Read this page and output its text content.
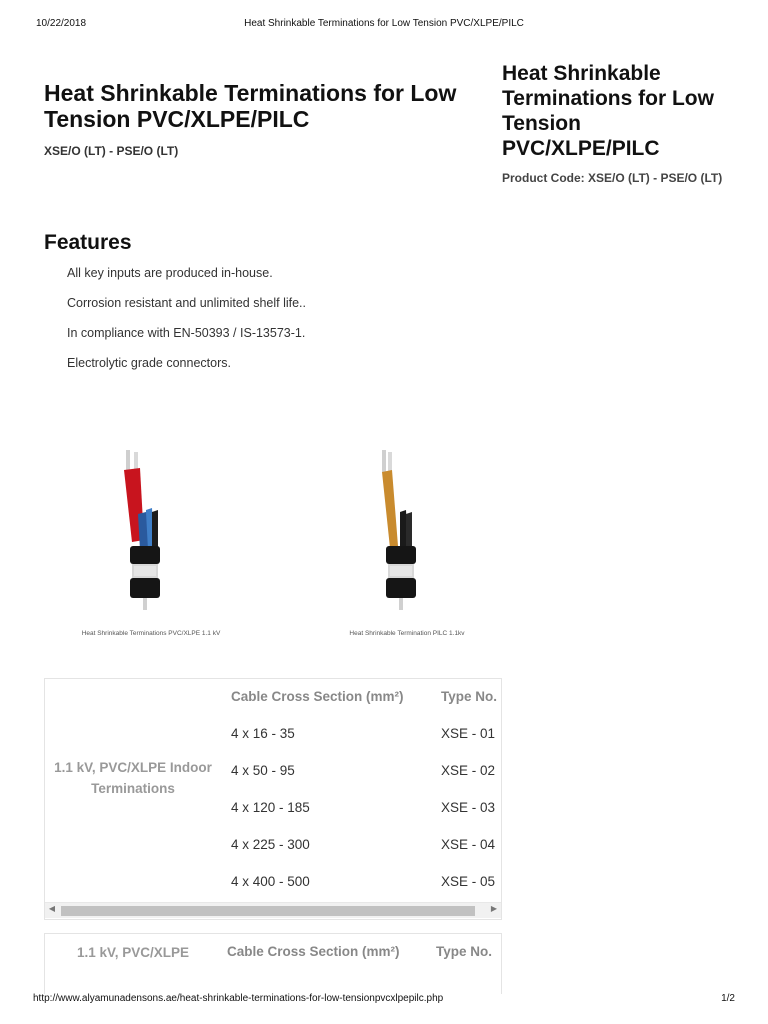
10/22/2018	Heat Shrinkable Terminations for Low Tension PVC/XLPE/PILC
Heat Shrinkable Terminations for Low Tension PVC/XLPE/PILC
XSE/O (LT) - PSE/O (LT)
Heat Shrinkable Terminations for Low Tension PVC/XLPE/PILC
Product Code: XSE/O (LT) - PSE/O (LT)
Features
All key inputs are produced in-house.
Corrosion resistant and unlimited shelf life..
In compliance with EN-50393 / IS-13573-1.
Electrolytic grade connectors.
Heat Shrinkable Terminations PVC/XLPE 1.1 kV	Heat Shrinkable Termination PILC 1.1kv
1.1 kV, PVC/XLPE Indoor Terminations
Cable Cross Section (mm²)	Type No.
4 x 16 - 35	XSE - 01
4 x 50 - 95	XSE - 02
4 x 120 - 185	XSE - 03
4 x 225 - 300	XSE - 04
4 x 400 - 500	XSE - 05
◀	▶
1.1 kV, PVC/XLPE	Cable Cross Section (mm²)	Type No.
http://www.alyamunadensons.ae/heat-shrinkable-terminations-for-low-tensionpvcxlpepilc.php	1/2
